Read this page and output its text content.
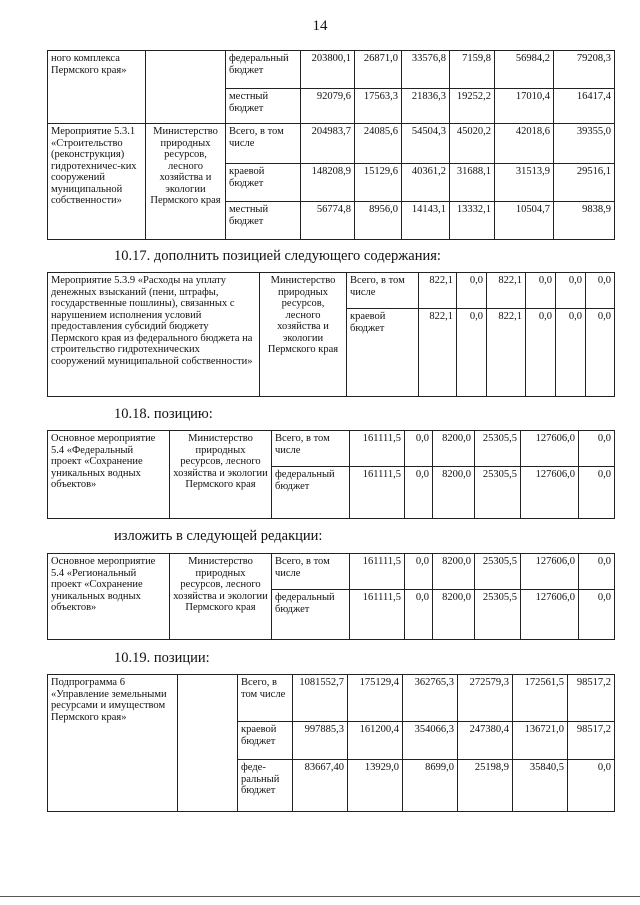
14
ного комплекса Пермского края»		федеральный бюджет	203800,1	26871,0	33576,8	7159,8	56984,2	79208,3
		местный бюджет	92079,6	17563,3	21836,3	19252,2	17010,4	16417,4
Мероприятие 5.3.1 «Строительство (реконструкция) гидротехничес-ких сооружений муниципальной собственности»	Министерство природных ресурсов, лесного хозяйства и экологии Пермского края	Всего, в том числе	204983,7	24085,6	54504,3	45020,2	42018,6	39355,0
		краевой бюджет	148208,9	15129,6	40361,2	31688,1	31513,9	29516,1
		местный бюджет	56774,8	8956,0	14143,1	13332,1	10504,7	9838,9
10.17. дополнить позицией следующего содержания:
Мероприятие 5.3.9 «Расходы на уплату денежных взысканий (пени, штрафы, государственные пошлины), связанных с нарушением исполнения условий предоставления субсидий бюджету Пермского края из федерального бюджета на строительство гидротехнических сооружений муниципальной собственности»	Министерство природных ресурсов, лесного хозяйства и экологии Пермского края	Всего, в том числе	822,1	0,0	822,1	0,0	0,0	0,0
		краевой бюджет	822,1	0,0	822,1	0,0	0,0	0,0
10.18. позицию:
Основное мероприятие 5.4 «Федеральный проект «Сохранение уникальных водных объектов»	Министерство природных ресурсов, лесного хозяйства и экологии Пермского края	Всего, в том числе	161111,5	0,0	8200,0	25305,5	127606,0	0,0
		федеральный бюджет	161111,5	0,0	8200,0	25305,5	127606,0	0,0
изложить в следующей редакции:
Основное мероприятие 5.4 «Региональный проект «Сохранение уникальных водных объектов»	Министерство природных ресурсов, лесного хозяйства и экологии Пермского края	Всего, в том числе	161111,5	0,0	8200,0	25305,5	127606,0	0,0
		федеральный бюджет	161111,5	0,0	8200,0	25305,5	127606,0	0,0
10.19. позиции:
Подпрограмма 6 «Управление земельными ресурсами и имуществом Пермского края»		Всего, в том числе	1081552,7	175129,4	362765,3	272579,3	172561,5	98517,2
		краевой бюджет	997885,3	161200,4	354066,3	247380,4	136721,0	98517,2
		феде-ральный бюджет	83667,40	13929,0	8699,0	25198,9	35840,5	0,0
